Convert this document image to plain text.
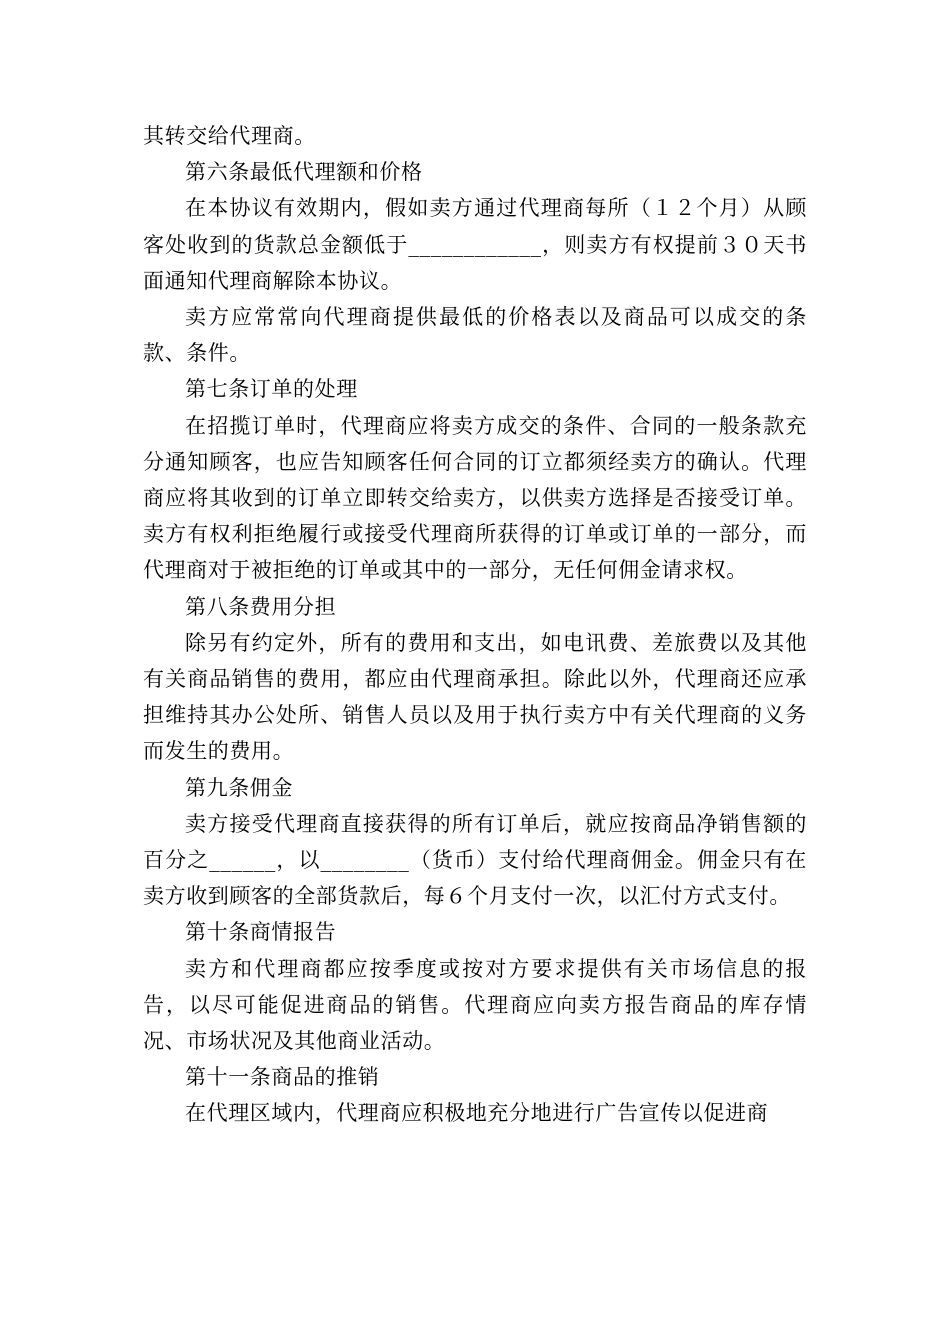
其转交给代理商。

第六条最低代理额和价格

在本协议有效期内，假如卖方通过代理商每所（１２个月）从顾客处收到的货款总金额低于____________，则卖方有权提前３０天书面通知代理商解除本协议。

卖方应常常向代理商提供最低的价格表以及商品可以成交的条款、条件。

第七条订单的处理

在招揽订单时，代理商应将卖方成交的条件、合同的一般条款充分通知顾客，也应告知顾客任何合同的订立都须经卖方的确认。代理商应将其收到的订单立即转交给卖方，以供卖方选择是否接受订单。卖方有权利拒绝履行或接受代理商所获得的订单或订单的一部分，而代理商对于被拒绝的订单或其中的一部分，无任何佣金请求权。

第八条费用分担

除另有约定外，所有的费用和支出，如电讯费、差旅费以及其他有关商品销售的费用，都应由代理商承担。除此以外，代理商还应承担维持其办公处所、销售人员以及用于执行卖方中有关代理商的义务而发生的费用。

第九条佣金

卖方接受代理商直接获得的所有订单后，就应按商品净销售额的百分之______，以________（货币）支付给代理商佣金。佣金只有在卖方收到顾客的全部货款后，每６个月支付一次，以汇付方式支付。

第十条商情报告

卖方和代理商都应按季度或按对方要求提供有关市场信息的报告，以尽可能促进商品的销售。代理商应向卖方报告商品的库存情况、市场状况及其他商业活动。

第十一条商品的推销

在代理区域内，代理商应积极地充分地进行广告宣传以促进商
